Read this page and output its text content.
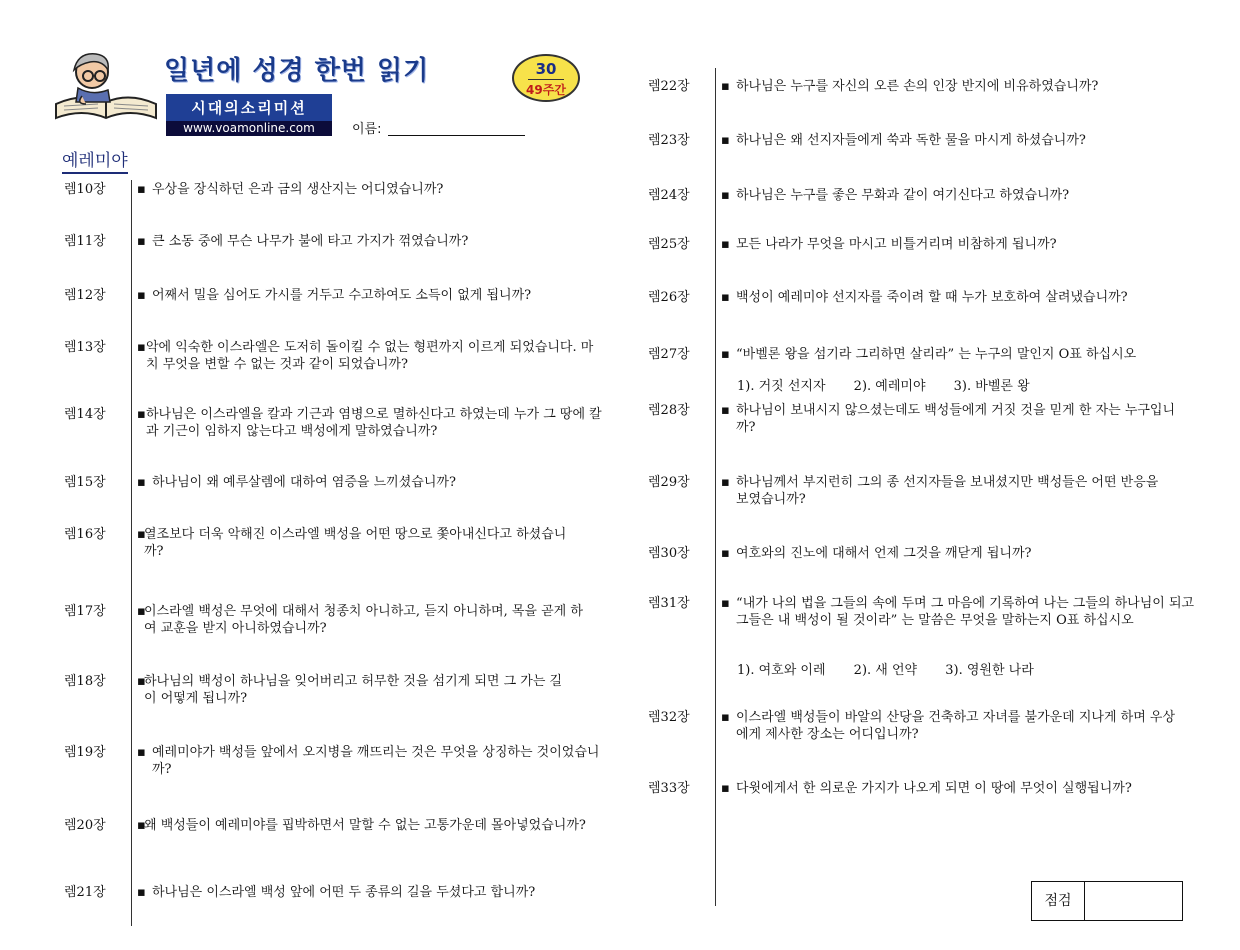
일년에 성경 한번 읽기
시대의소리미션
www.voamonline.com	이름:
30
49주간
예레미야
렘10장 ▪ 우상을 장식하던 은과 금의 생산지는 어디였습니까?
렘11장 ▪ 큰 소동 중에 무슨 나무가 불에 타고 가지가 꺾였습니까?
렘12장 ▪ 어째서 밀을 심어도 가시를 거두고 수고하여도 소득이 없게 됩니까?
렘13장 ▪ 악에 익숙한 이스라엘은 도저히 돌이킬 수 없는 형편까지 이르게 되었습니다. 마치 무엇을 변할 수 없는 것과 같이 되었습니까?
렘14장 ▪ 하나님은 이스라엘을 칼과 기근과 염병으로 멸하신다고 하였는데 누가 그 땅에 칼과 기근이 임하지 않는다고 백성에게 말하였습니까?
렘15장 ▪ 하나님이 왜 예루살렘에 대하여 염증을 느끼셨습니까?
렘16장 ▪
열조보다 더욱 악해진 이스라엘 백성을 어떤 땅으로 쫓아내신다고 하셨습니까?
렘17장 ▪
이스라엘 백성은 무엇에 대해서 청종치 아니하고, 듣지 아니하며, 목을 곧게 하여 교훈을 받지 아니하였습니까?
렘18장 ▪
하나님의 백성이 하나님을 잊어버리고 허무한 것을 섬기게 되면 그 가는 길이 어떻게 됩니까?
렘19장 ▪ 예레미야가 백성들 앞에서 오지병을 깨뜨리는 것은 무엇을 상징하는 것이었습니까?
렘20장 ▪
왜 백성들이 예레미야를 핍박하면서 말할 수 없는 고통가운데 몰아넣었습니까?
렘21장 ▪ 하나님은 이스라엘 백성 앞에 어떤 두 종류의 길을 두셨다고 합니까?
렘22장 ▪ 하나님은 누구를 자신의 오른 손의 인장 반지에 비유하였습니까?
렘23장 ▪ 하나님은 왜 선지자들에게 쑥과 독한 물을 마시게 하셨습니까?
렘24장 ▪ 하나님은 누구를 좋은 무화과 같이 여기신다고 하였습니까?
렘25장 ▪ 모든 나라가 무엇을 마시고 비틀거리며 비참하게 됩니까?
렘26장 ▪ 백성이 예레미야 선지자를 죽이려 할 때 누가 보호하여 살려냈습니까?
렘27장 ▪ “바벨론 왕을 섬기라 그리하면 살리라” 는 누구의 말인지 O표 하십시오
1). 거짓 선지자 2). 예레미야 3). 바벨론 왕
렘28장 ▪ 하나님이 보내시지 않으셨는데도 백성들에게 거짓 것을 믿게 한 자는 누구입니까?
렘29장 ▪ 하나님께서 부지런히 그의 종 선지자들을 보내셨지만 백성들은 어떤 반응을 보였습니까?
렘30장 ▪ 여호와의 진노에 대해서 언제 그것을 깨닫게 됩니까?
렘31장 ▪ “내가 나의 법을 그들의 속에 두며 그 마음에 기록하여 나는 그들의 하나님이 되고 그들은 내 백성이 될 것이라” 는 말씀은 무엇을 말하는지 O표 하십시오
1). 여호와 이레 2). 새 언약 3). 영원한 나라
렘32장 ▪ 이스라엘 백성들이 바알의 산당을 건축하고 자녀를 불가운데 지나게 하며 우상에게 제사한 장소는 어디입니까?
렘33장 ▪ 다윗에게서 한 의로운 가지가 나오게 되면 이 땅에 무엇이 실행됩니까?
점검
